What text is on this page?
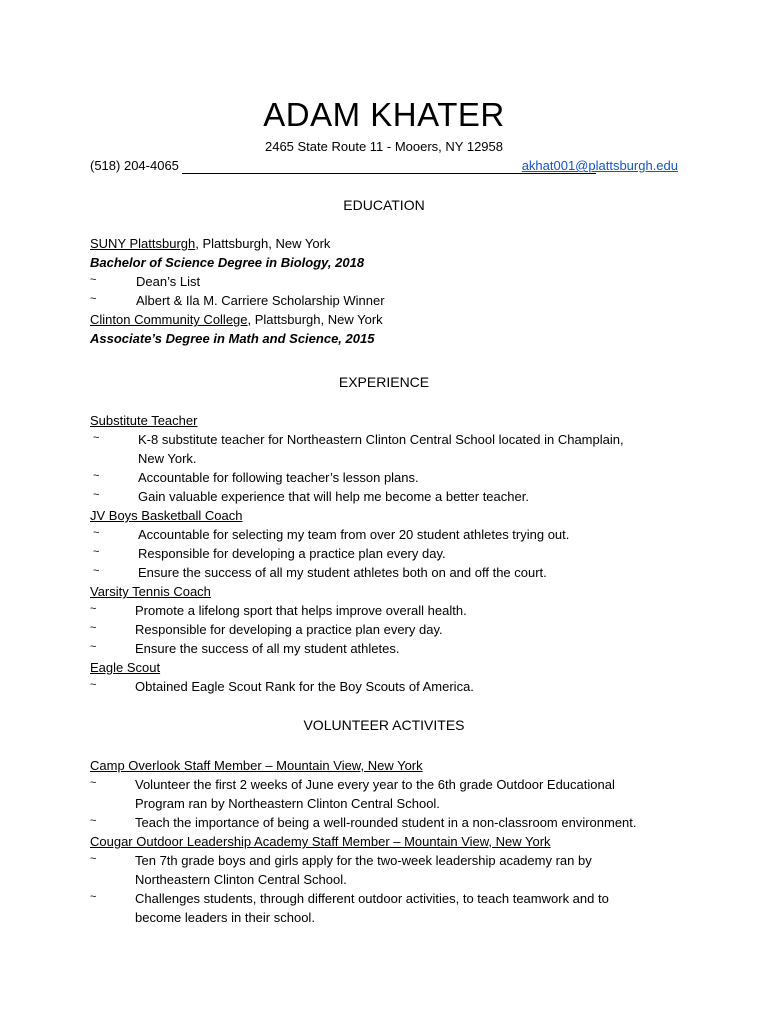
ADAM KHATER
2465 State Route 11 - Mooers, NY 12958
(518) 204-4065	akhat001@plattsburgh.edu
EDUCATION
SUNY Plattsburgh, Plattsburgh, New York
Bachelor of Science Degree in Biology, 2018
~	Dean’s List
~	Albert & Ila M. Carriere Scholarship Winner
Clinton Community College, Plattsburgh, New York
Associate’s Degree in Math and Science, 2015
EXPERIENCE
Substitute Teacher
~	K-8 substitute teacher for Northeastern Clinton Central School located in Champlain,
New York.
~	Accountable for following teacher’s lesson plans.
~	Gain valuable experience that will help me become a better teacher.
JV Boys Basketball Coach
~	Accountable for selecting my team from over 20 student athletes trying out.
~	Responsible for developing a practice plan every day.
~	Ensure the success of all my student athletes both on and off the court.
Varsity Tennis Coach
~	Promote a lifelong sport that helps improve overall health.
~	Responsible for developing a practice plan every day.
~	Ensure the success of all my student athletes.
Eagle Scout
~	Obtained Eagle Scout Rank for the Boy Scouts of America.
VOLUNTEER ACTIVITES
Camp Overlook Staff Member – Mountain View, New York
~	Volunteer the first 2 weeks of June every year to the 6th grade Outdoor Educational
Program ran by Northeastern Clinton Central School.
~	Teach the importance of being a well-rounded student in a non-classroom environment.
Cougar Outdoor Leadership Academy Staff Member – Mountain View, New York
~	Ten 7th grade boys and girls apply for the two-week leadership academy ran by
Northeastern Clinton Central School.
~	Challenges students, through different outdoor activities, to teach teamwork and to
become leaders in their school.
